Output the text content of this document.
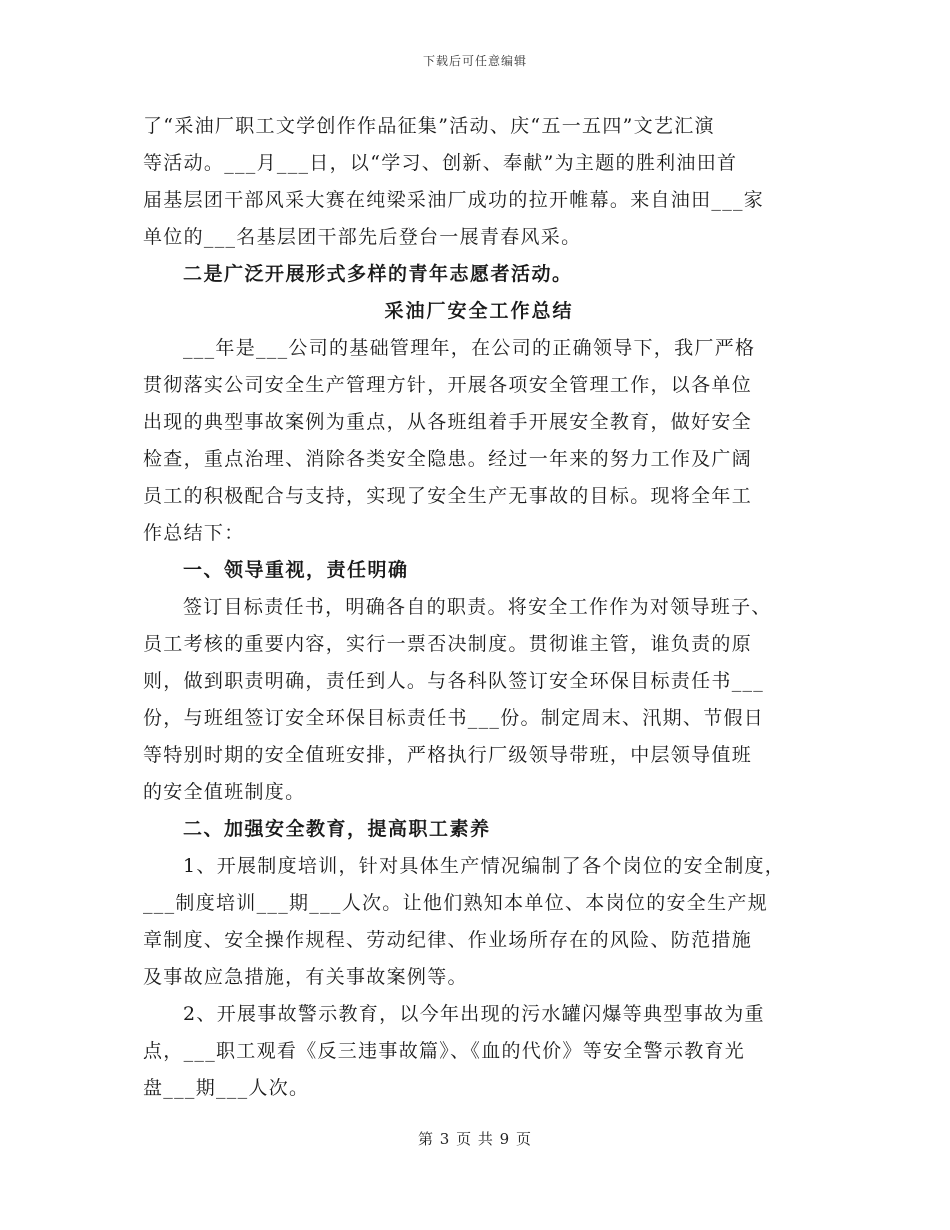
下载后可任意编辑
了“采油厂职工文学创作作品征集”活动、庆“五一五四”文艺汇演
等活动。___月___日，以“学习、创新、奉献”为主题的胜利油田首
届基层团干部风采大赛在纯梁采油厂成功的拉开帷幕。来自油田___家
单位的___名基层团干部先后登台一展青春风采。
二是广泛开展形式多样的青年志愿者活动。
采油厂安全工作总结
___年是___公司的基础管理年，在公司的正确领导下，我厂严格
贯彻落实公司安全生产管理方针，开展各项安全管理工作，以各单位
出现的典型事故案例为重点，从各班组着手开展安全教育，做好安全
检查，重点治理、消除各类安全隐患。经过一年来的努力工作及广阔
员工的积极配合与支持，实现了安全生产无事故的目标。现将全年工
作总结下：
一、领导重视，责任明确
签订目标责任书，明确各自的职责。将安全工作作为对领导班子、
员工考核的重要内容，实行一票否决制度。贯彻谁主管，谁负责的原
则，做到职责明确，责任到人。与各科队签订安全环保目标责任书___
份，与班组签订安全环保目标责任书___份。制定周末、汛期、节假日
等特别时期的安全值班安排，严格执行厂级领导带班，中层领导值班
的安全值班制度。
二、加强安全教育，提高职工素养
1、开展制度培训，针对具体生产情况编制了各个岗位的安全制度，
___制度培训___期___人次。让他们熟知本单位、本岗位的安全生产规
章制度、安全操作规程、劳动纪律、作业场所存在的风险、防范措施
及事故应急措施，有关事故案例等。
2、开展事故警示教育，以今年出现的污水罐闪爆等典型事故为重
点，___职工观看《反三违事故篇》、《血的代价》等安全警示教育光
盘___期___人次。
第 3 页 共 9 页
